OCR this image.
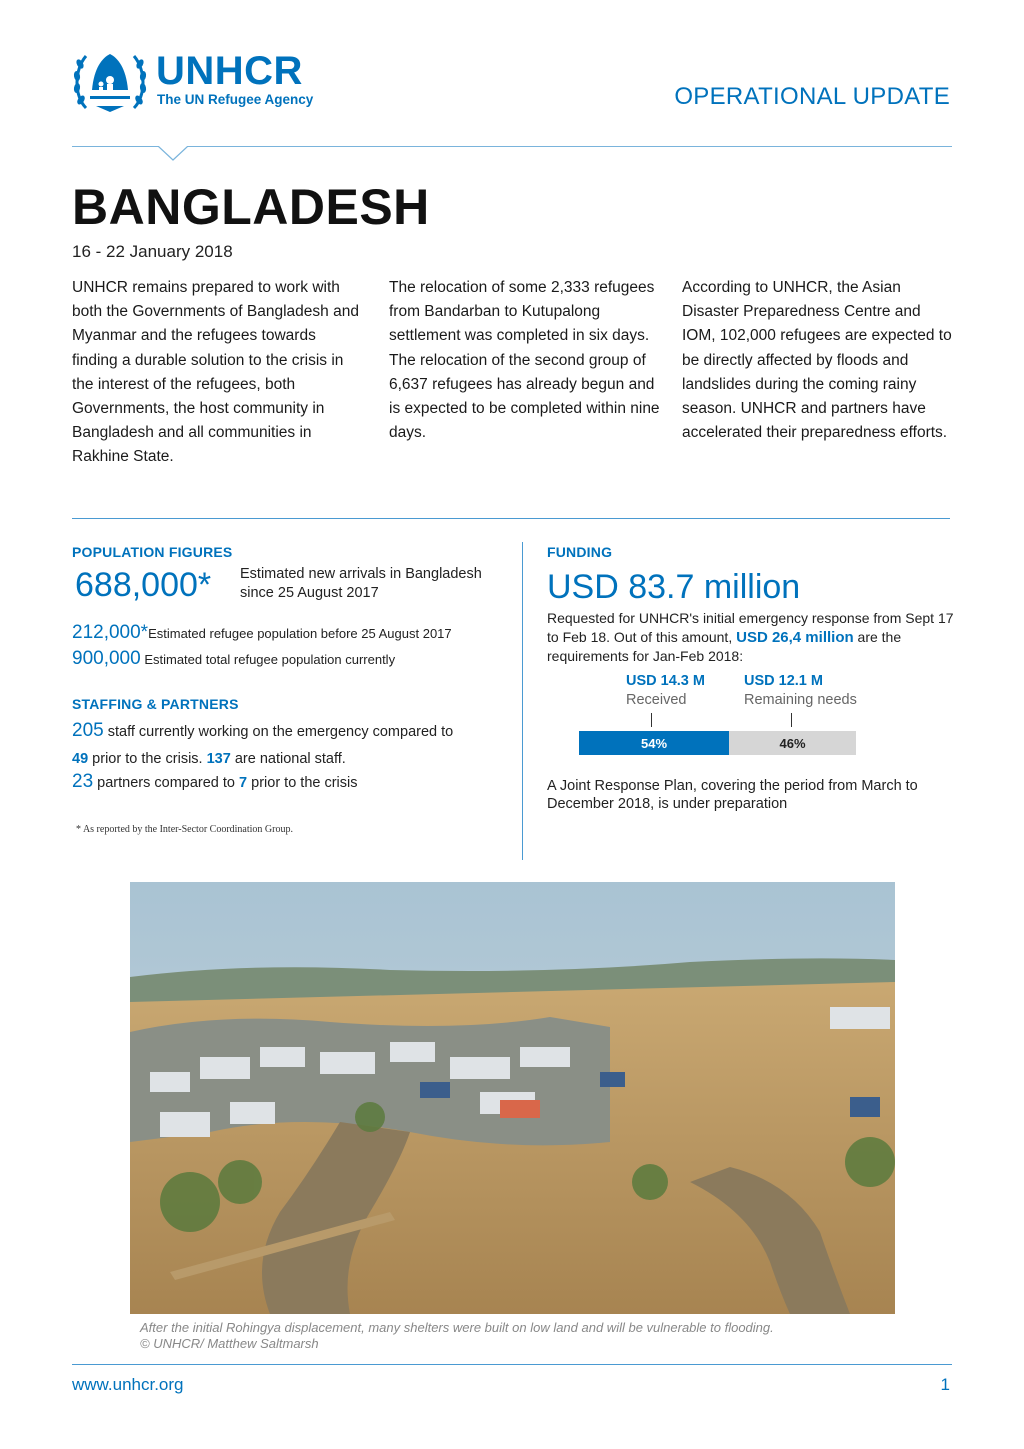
UNHCR
The UN Refugee Agency	OPERATIONAL UPDATE
BANGLADESH
16 - 22 January 2018
UNHCR remains prepared to work with both the Governments of Bangladesh and Myanmar and the refugees towards finding a durable solution to the crisis in the interest of the refugees, both Governments, the host community in Bangladesh and all communities in Rakhine State.
The relocation of some 2,333 refugees from Bandarban to Kutupalong settlement was completed in six days. The relocation of the second group of 6,637 refugees has already begun and is expected to be completed within nine days.
According to UNHCR, the Asian Disaster Preparedness Centre and IOM, 102,000 refugees are expected to be directly affected by floods and landslides during the coming rainy season. UNHCR and partners have accelerated their preparedness efforts.
POPULATION FIGURES
688,000* Estimated new arrivals in Bangladesh since 25 August 2017
212,000*Estimated refugee population before 25 August 2017
900,000 Estimated total refugee population currently
STAFFING & PARTNERS
205 staff currently working on the emergency compared to
49 prior to the crisis. 137 are national staff.
23 partners compared to 7 prior to the crisis
* As reported by the Inter-Sector Coordination Group.
FUNDING
USD 83.7 million
Requested for UNHCR's initial emergency response from Sept 17 to Feb 18. Out of this amount, USD 26,4 million are the requirements for Jan-Feb 2018:
USD 14.3 M
Received
USD 12.1 M
Remaining needs
54%	46%
A Joint Response Plan, covering the period from March to December 2018, is under preparation
After the initial Rohingya displacement, many shelters were built on low land and will be vulnerable to flooding.
© UNHCR/ Matthew Saltmarsh
www.unhcr.org	1
